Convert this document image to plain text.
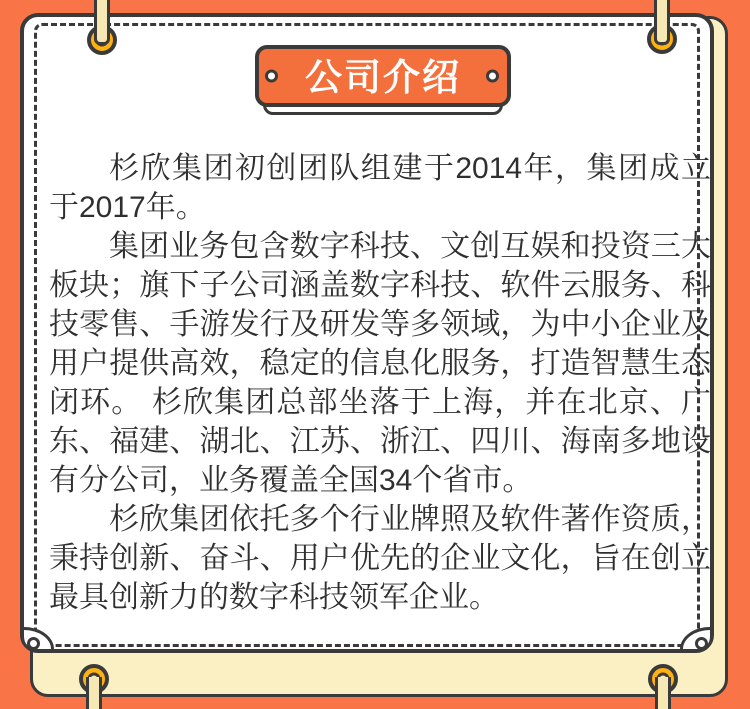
杉欣集团初创团队组建于2014年，集团成立于2017年。

集团业务包含数字科技、文创互娱和投资三大板块；旗下子公司涵盖数字科技、软件云服务、科技零售、手游发行及研发等多领域，为中小企业及用户提供高效，稳定的信息化服务，打造智慧生态闭环。 杉欣集团总部坐落于上海，并在北京、广东、福建、湖北、江苏、浙江、四川、海南多地设有分公司，业务覆盖全国34个省市。

杉欣集团依托多个行业牌照及软件著作资质，秉持创新、奋斗、用户优先的企业文化，旨在创立最具创新力的数字科技领军企业。

公司介绍
